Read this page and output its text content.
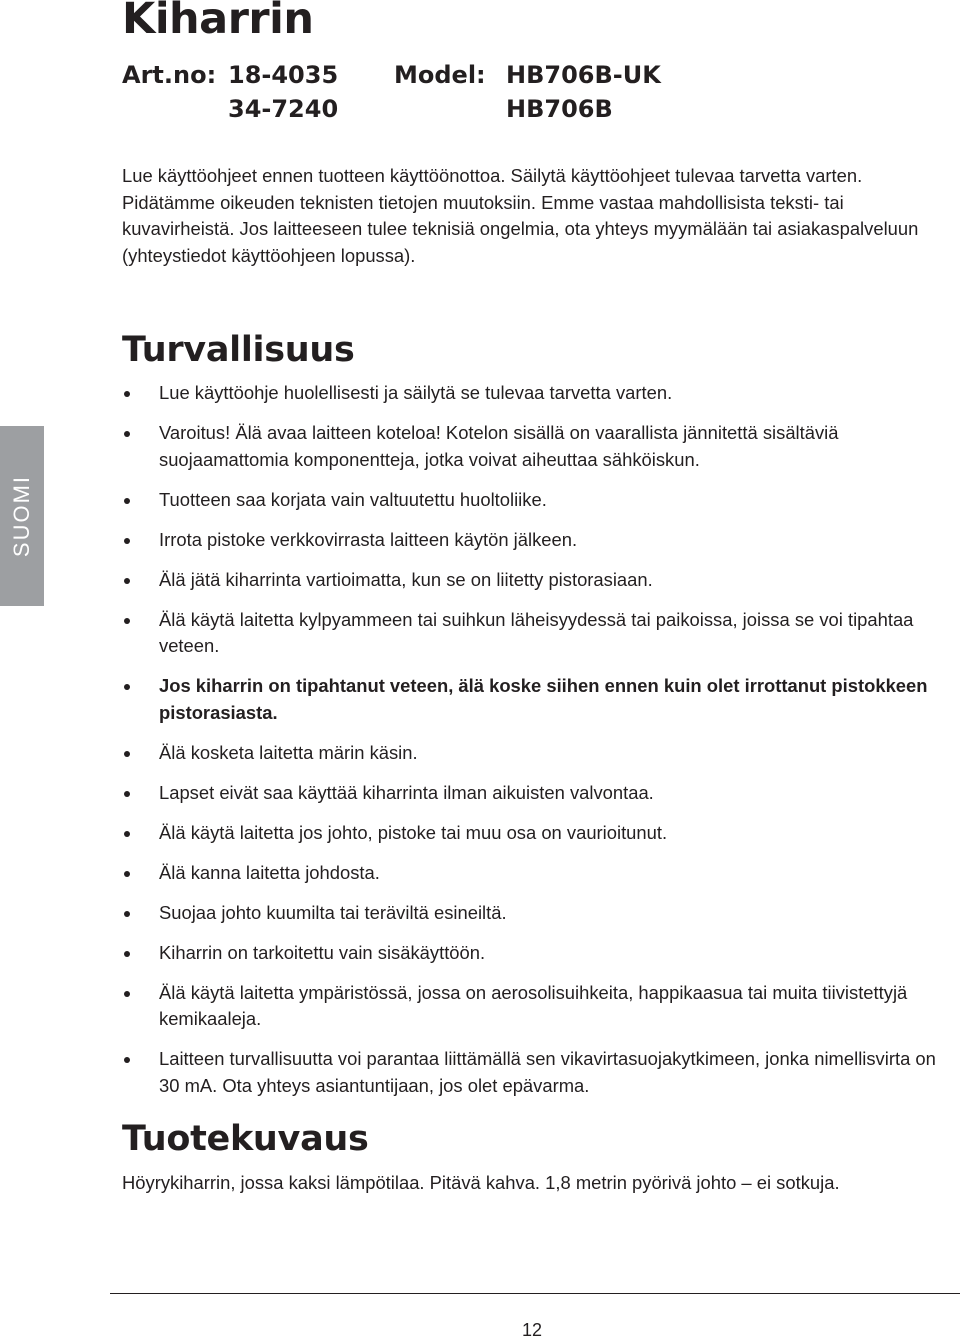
Kiharrin
Art.no: 18-4035
34-7240
Model: HB706B-UK
HB706B

Lue käyttöohjeet ennen tuotteen käyttöönottoa. Säilytä käyttöohjeet tulevaa tarvetta varten. Pidätämme oikeuden teknisten tietojen muutoksiin. Emme vastaa mahdollisista teksti- tai kuvavirheistä. Jos laitteeseen tulee teknisiä ongelmia, ota yhteys myymälään tai asiakaspalveluun (yhteystiedot käyttöohjeen lopussa).

SUOMI
Turvallisuus
Lue käyttöohje huolellisesti ja säilytä se tulevaa tarvetta varten.
Varoitus! Älä avaa laitteen koteloa! Kotelon sisällä on vaarallista jännitettä sisältäviä suojaamattomia komponentteja, jotka voivat aiheuttaa sähköiskun.
Tuotteen saa korjata vain valtuutettu huoltoliike.
Irrota pistoke verkkovirrasta laitteen käytön jälkeen.
Älä jätä kiharrinta vartioimatta, kun se on liitetty pistorasiaan.
Älä käytä laitetta kylpyammeen tai suihkun läheisyydessä tai paikoissa, joissa se voi tipahtaa veteen.
Jos kiharrin on tipahtanut veteen, älä koske siihen ennen kuin olet irrottanut pistokkeen pistorasiasta.
Älä kosketa laitetta märin käsin.
Lapset eivät saa käyttää kiharrinta ilman aikuisten valvontaa.
Älä käytä laitetta jos johto, pistoke tai muu osa on vaurioitunut.
Älä kanna laitetta johdosta.
Suojaa johto kuumilta tai teräviltä esineiltä.
Kiharrin on tarkoitettu vain sisäkäyttöön.
Älä käytä laitetta ympäristössä, jossa on aerosolisuihkeita, happikaasua tai muita tiivistettyjä kemikaaleja.
Laitteen turvallisuutta voi parantaa liittämällä sen vikavirtasuojakytkimeen, jonka nimellisvirta on 30 mA. Ota yhteys asiantuntijaan, jos olet epävarma.
Tuotekuvaus

Höyrykiharrin, jossa kaksi lämpötilaa. Pitävä kahva. 1,8 metrin pyörivä johto – ei sotkuja.

12
